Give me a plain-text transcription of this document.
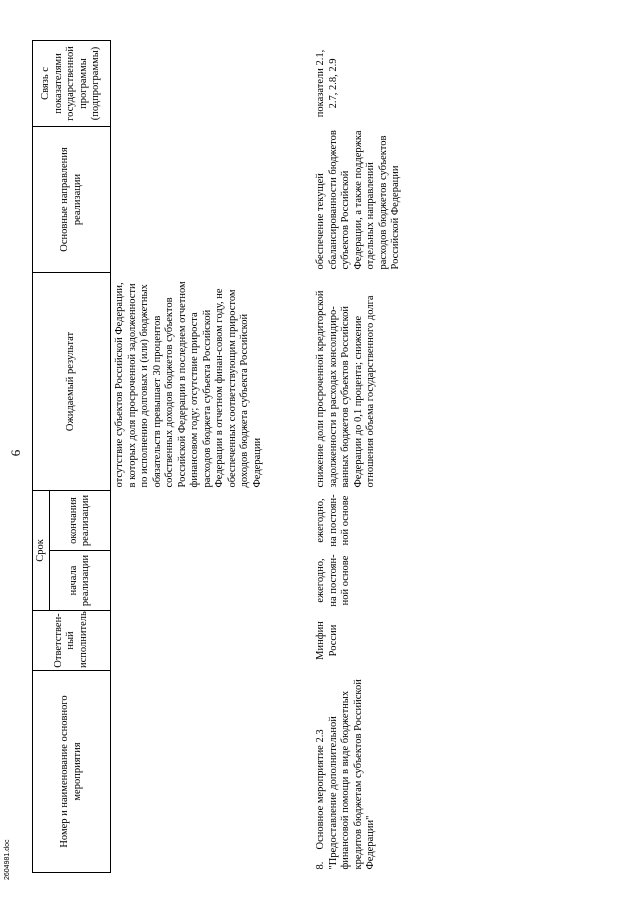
6
Номер и наименование основного мероприятия	Ответствен-ный исполнитель	Срок		Ожидаемый результат	Основные направления реализации	Связь с показателями государственной программы (подпрограммы)
		начала реализации	окончания реализации			
				отсутствие субъектов Российской Федерации, в которых доля просроченной задолженности по исполнению долговых и (или) бюджетных обязательств превышает 30 процентов собственных доходов бюджетов субъектов Российской Федерации в последнем отчетном финансовом году; отсутствие прироста расходов бюджета субъекта Российской Федерации в отчетном финан-совом году, не обеспеченных соответствующим приростом доходов бюджета субъекта Российской Федерации		
8.Основное мероприятие 2.3 "Предоставление дополнительной финансовой помощи в виде бюджетных кредитов бюджетам субъектов Российской Федерации"	Минфин России	ежегодно, на постоян-ной основе	ежегодно, на постоян-ной основе	снижение доли просроченной кредиторской задолженности в расходах консолидиро-ванных бюджетов субъектов Российской Федерации до 0,1 процента; снижение отношения объема государственного долга	обеспечение текущей сбалансированности бюджетов субъектов Российской Федерации, а также поддержка отдельных направлений расходов бюджетов субъектов Российской Федерации	показатели 2.1, 2.7, 2.8, 2.9
2604981.doc
